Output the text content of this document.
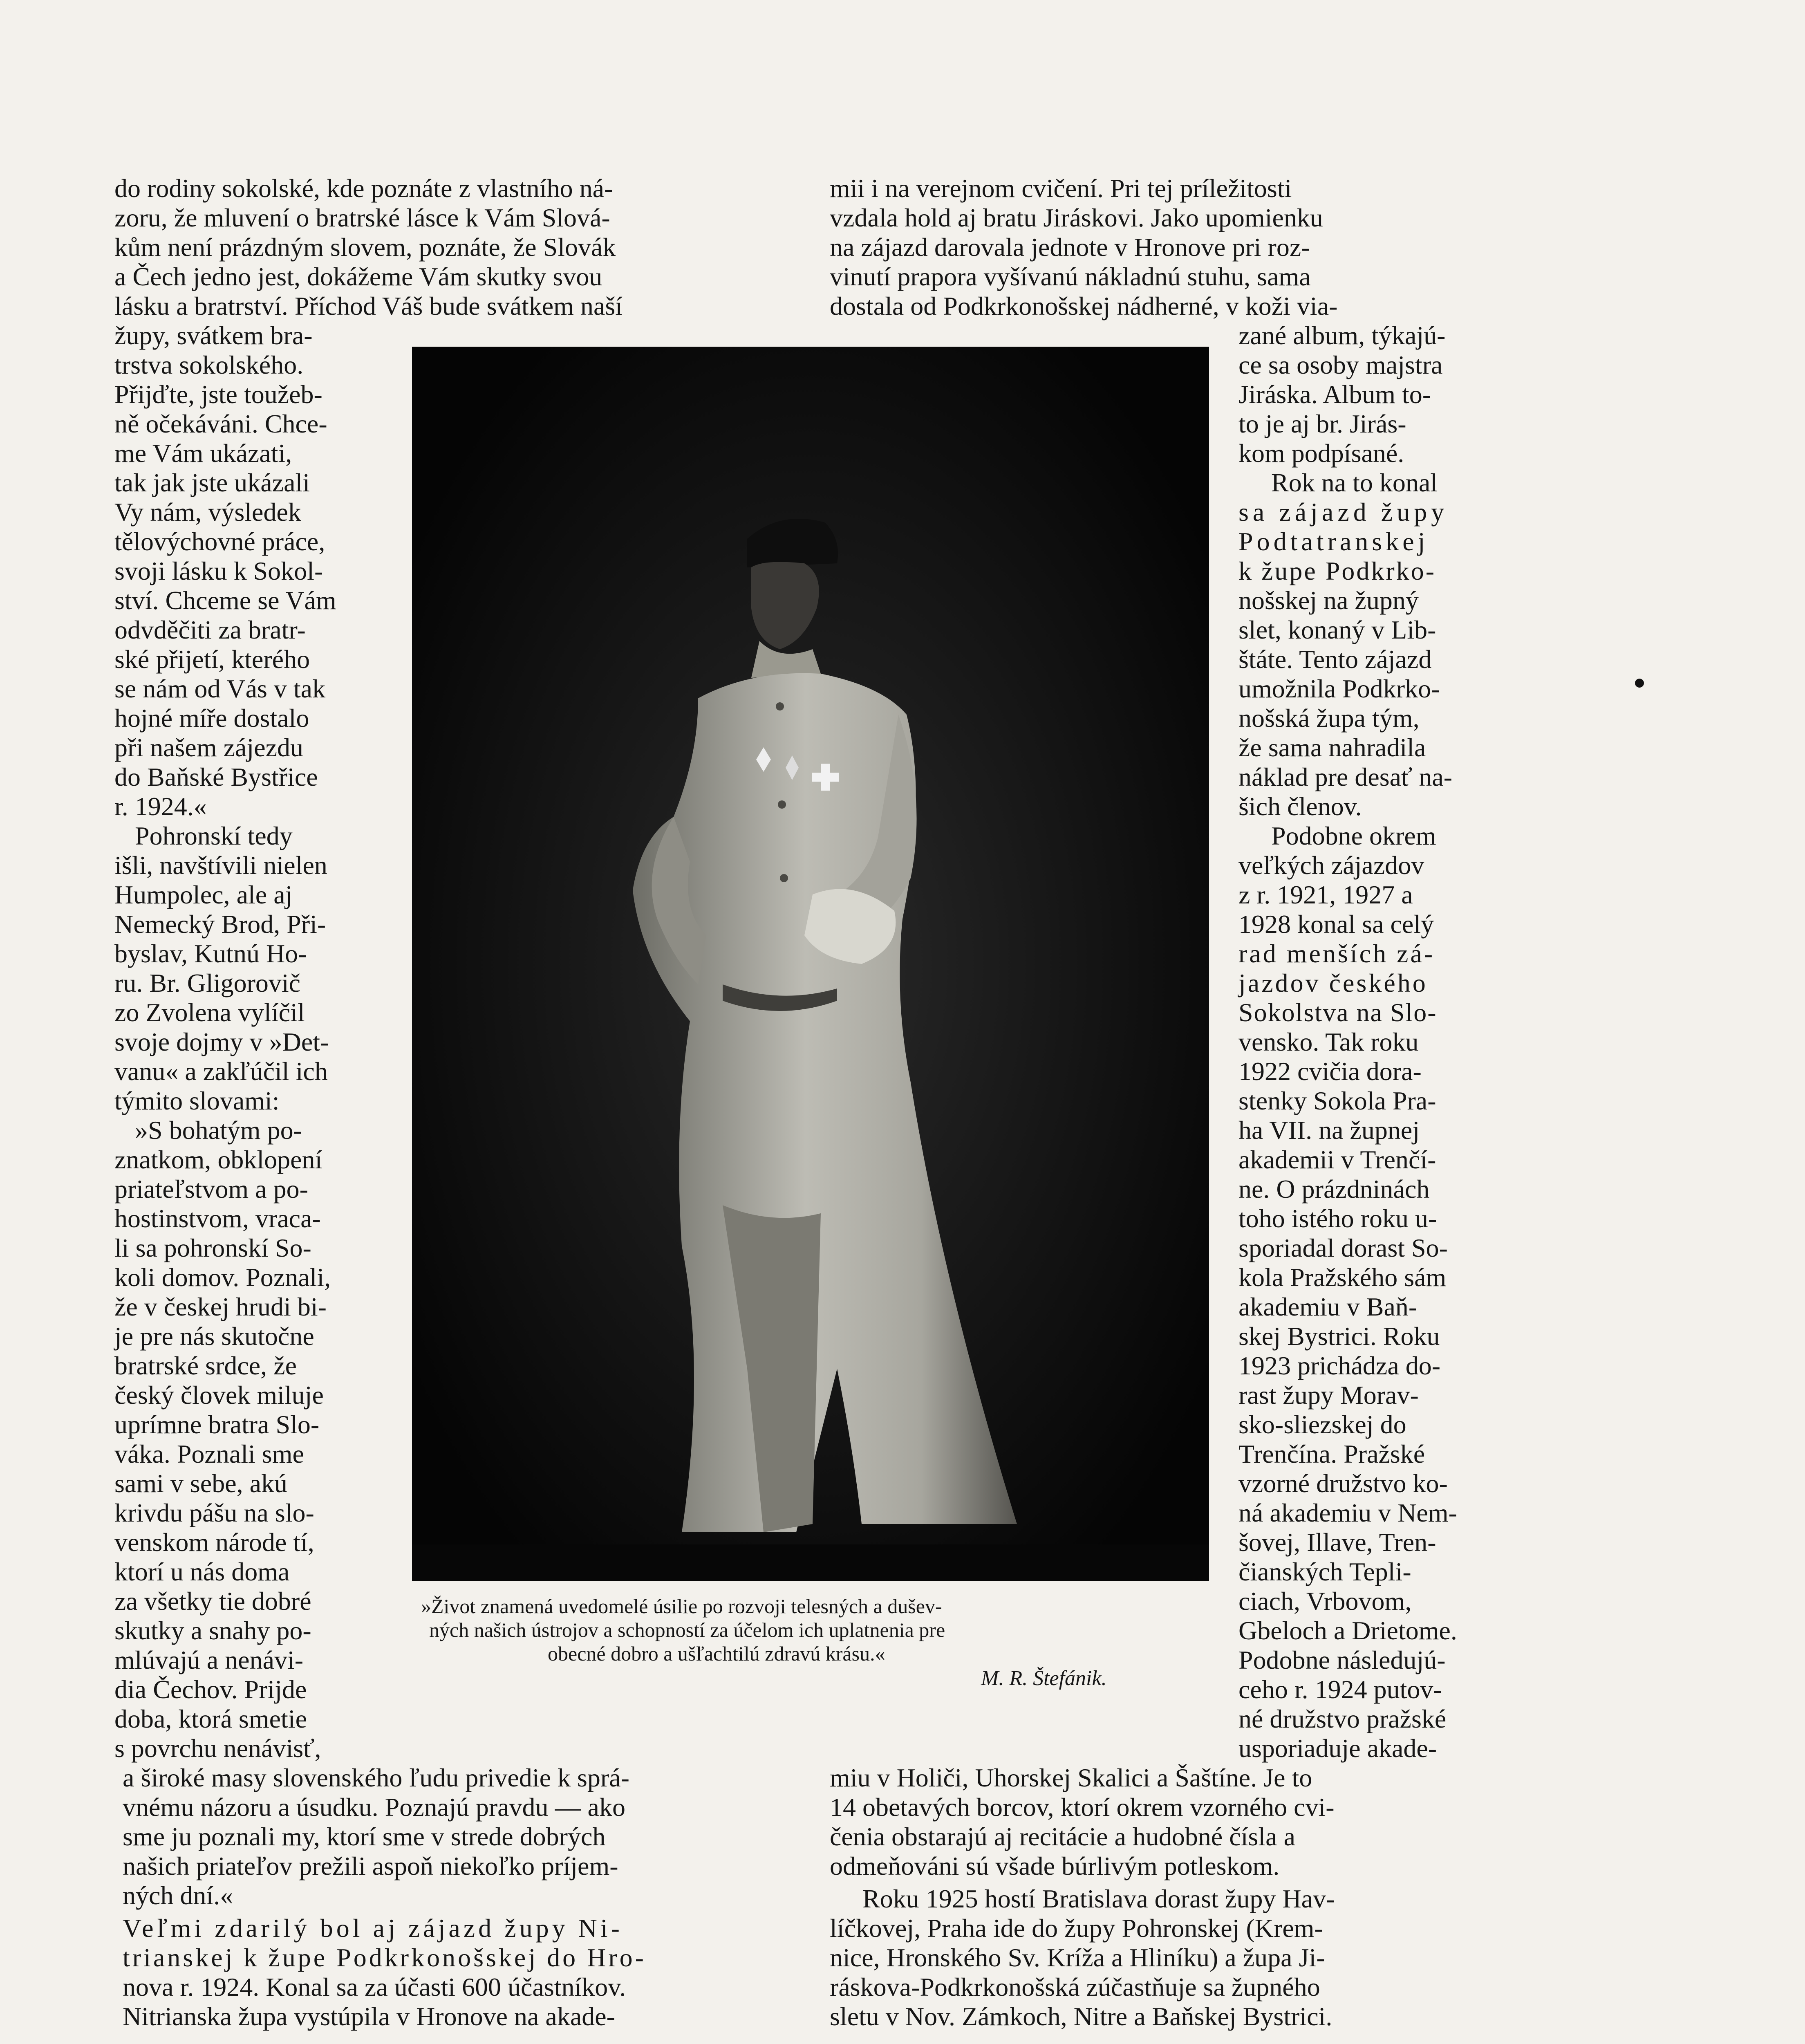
do rodiny sokolské, kde poznáte z vlastního ná-
zoru, že mluvení o bratrské lásce k Vám Slová-
kům není prázdným slovem, poznáte, že Slovák
a Čech jedno jest, dokážeme Vám skutky svou
lásku a bratrství. Příchod Váš bude svátkem naší
župy, svátkem bra-
trstva sokolského.
Přijďte, jste toužeb-
ně očekáváni. Chce-
me Vám ukázati,
tak jak jste ukázali
Vy nám, výsledek
tělovýchovné práce,
svoji lásku k Sokol-
ství. Chceme se Vám
odvděčiti za bratr-
ské přijetí, kterého
se nám od Vás v tak
hojné míře dostalo
při našem zájezdu
do Baňské Bystřice
r. 1924.«
Pohronskí tedy
išli, navštívili nielen
Humpolec, ale aj
Nemecký Brod, Při-
byslav, Kutnú Ho-
ru. Br. Gligorovič
zo Zvolena vylíčil
svoje dojmy v »Det-
vanu« a zakľúčil ich
týmito slovami:
»S bohatým po-
znatkom, obklopení
priateľstvom a po-
hostinstvom, vraca-
li sa pohronskí So-
koli domov. Poznali,
že v českej hrudi bi-
je pre nás skutočne
bratrské srdce, že
český človek miluje
uprímne bratra Slo-
váka. Poznali sme
sami v sebe, akú
krivdu pášu na slo-
venskom národe tí,
ktorí u nás doma
za všetky tie dobré
skutky a snahy po-
mlúvajú a nenávi-
dia Čechov. Prijde
doba, ktorá smetie
s povrchu nenávisť,
a široké masy slovenského ľudu privedie k sprá-
vnému názoru a úsudku. Poznajú pravdu — ako
sme ju poznali my, ktorí sme v strede dobrých
našich priateľov prežili aspoň niekoľko príjem-
ných dní.«
Veľmi zdarilý bol aj zájazd župy Ni-
trianskej k župe Podkrkonošskej do Hro-
nova r. 1924. Konal sa za účasti 600 účastníkov.
Nitrianska župa vystúpila v Hronove na akade-
»Život znamená uvedomelé úsilie po rozvoji telesných a dušev-
ných našich ústrojov a schopností za účelom ich uplatnenia pre
obecné dobro a ušľachtilú zdravú krásu.«
M. R. Štefánik.
mii i na verejnom cvičení. Pri tej príležitosti
vzdala hold aj bratu Jiráskovi. Jako upomienku
na zájazd darovala jednote v Hronove pri roz-
vinutí prapora vyšívanú nákladnú stuhu, sama
dostala od Podkrkonošskej nádherné, v koži via-
zané album, týkajú-
ce sa osoby majstra
Jiráska. Album to-
to je aj br. Jirás-
kom podpísané.
Rok na to konal
sa zájazd župy
Podtatranskej
k župe Podkrko-
nošskej na župný
slet, konaný v Lib-
štáte. Tento zájazd
umožnila Podkrko-
nošská župa tým,
že sama nahradila
náklad pre desať na-
šich členov.
Podobne okrem
veľkých zájazdov
z r. 1921, 1927 a
1928 konal sa celý
rad menších zá-
jazdov českého
Sokolstva na Slo-
vensko. Tak roku
1922 cvičia dora-
stenky Sokola Pra-
ha VII. na župnej
akademii v Trenčí-
ne. O prázdninách
toho istého roku u-
sporiadal dorast So-
kola Pražského sám
akademiu v Baň-
skej Bystrici. Roku
1923 prichádza do-
rast župy Morav-
sko-sliezskej do
Trenčína. Pražské
vzorné družstvo ko-
ná akademiu v Nem-
šovej, Illave, Tren-
čianských Tepli-
ciach, Vrbovom,
Gbeloch a Drietome.
Podobne následujú-
ceho r. 1924 putov-
né družstvo pražské
usporiaduje akade-
miu v Holiči, Uhorskej Skalici a Šaštíne. Je to
14 obetavých borcov, ktorí okrem vzorného cvi-
čenia obstarajú aj recitácie a hudobné čísla a
odmeňováni sú všade búrlivým potleskom.
Roku 1925 hostí Bratislava dorast župy Hav-
líčkovej, Praha ide do župy Pohronskej (Krem-
nice, Hronského Sv. Kríža a Hliníku) a župa Ji-
ráskova-Podkrkonošská zúčastňuje sa župného
sletu v Nov. Zámkoch, Nitre a Baňskej Bystrici.
